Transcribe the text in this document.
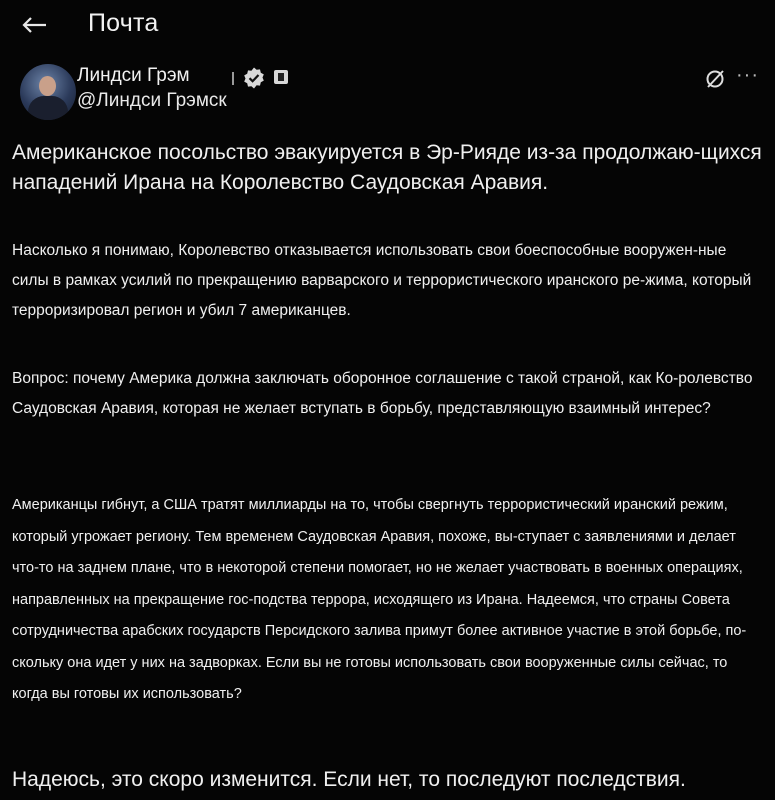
Почта
Линдси Грэм
@Линдси Грэмск
···

Американское посольство эвакуируется в Эр-Рияде из-за продолжаю-щихся нападений Ирана на Королевство Саудовская Аравия.

Насколько я понимаю, Королевство отказывается использовать свои боеспособные вооружен-ные силы в рамках усилий по прекращению варварского и террористического иранского ре-жима, который терроризировал регион и убил 7 американцев.

Вопрос: почему Америка должна заключать оборонное соглашение с такой страной, как Ко-ролевство Саудовская Аравия, которая не желает вступать в борьбу, представляющую взаимный интерес?

Американцы гибнут, а США тратят миллиарды на то, чтобы свергнуть террористический иранский режим, который угрожает региону. Тем временем Саудовская Аравия, похоже, вы-ступает с заявлениями и делает что-то на заднем плане, что в некоторой степени помогает, но не желает участвовать в военных операциях, направленных на прекращение гос-подства террора, исходящего из Ирана. Надеемся, что страны Совета сотрудничества арабских государств Персидского залива примут более активное участие в этой борьбе, по-скольку она идет у них на задворках. Если вы не готовы использовать свои вооруженные силы сейчас, то когда вы готовы их использовать?

Надеюсь, это скоро изменится. Если нет, то последуют последствия.
